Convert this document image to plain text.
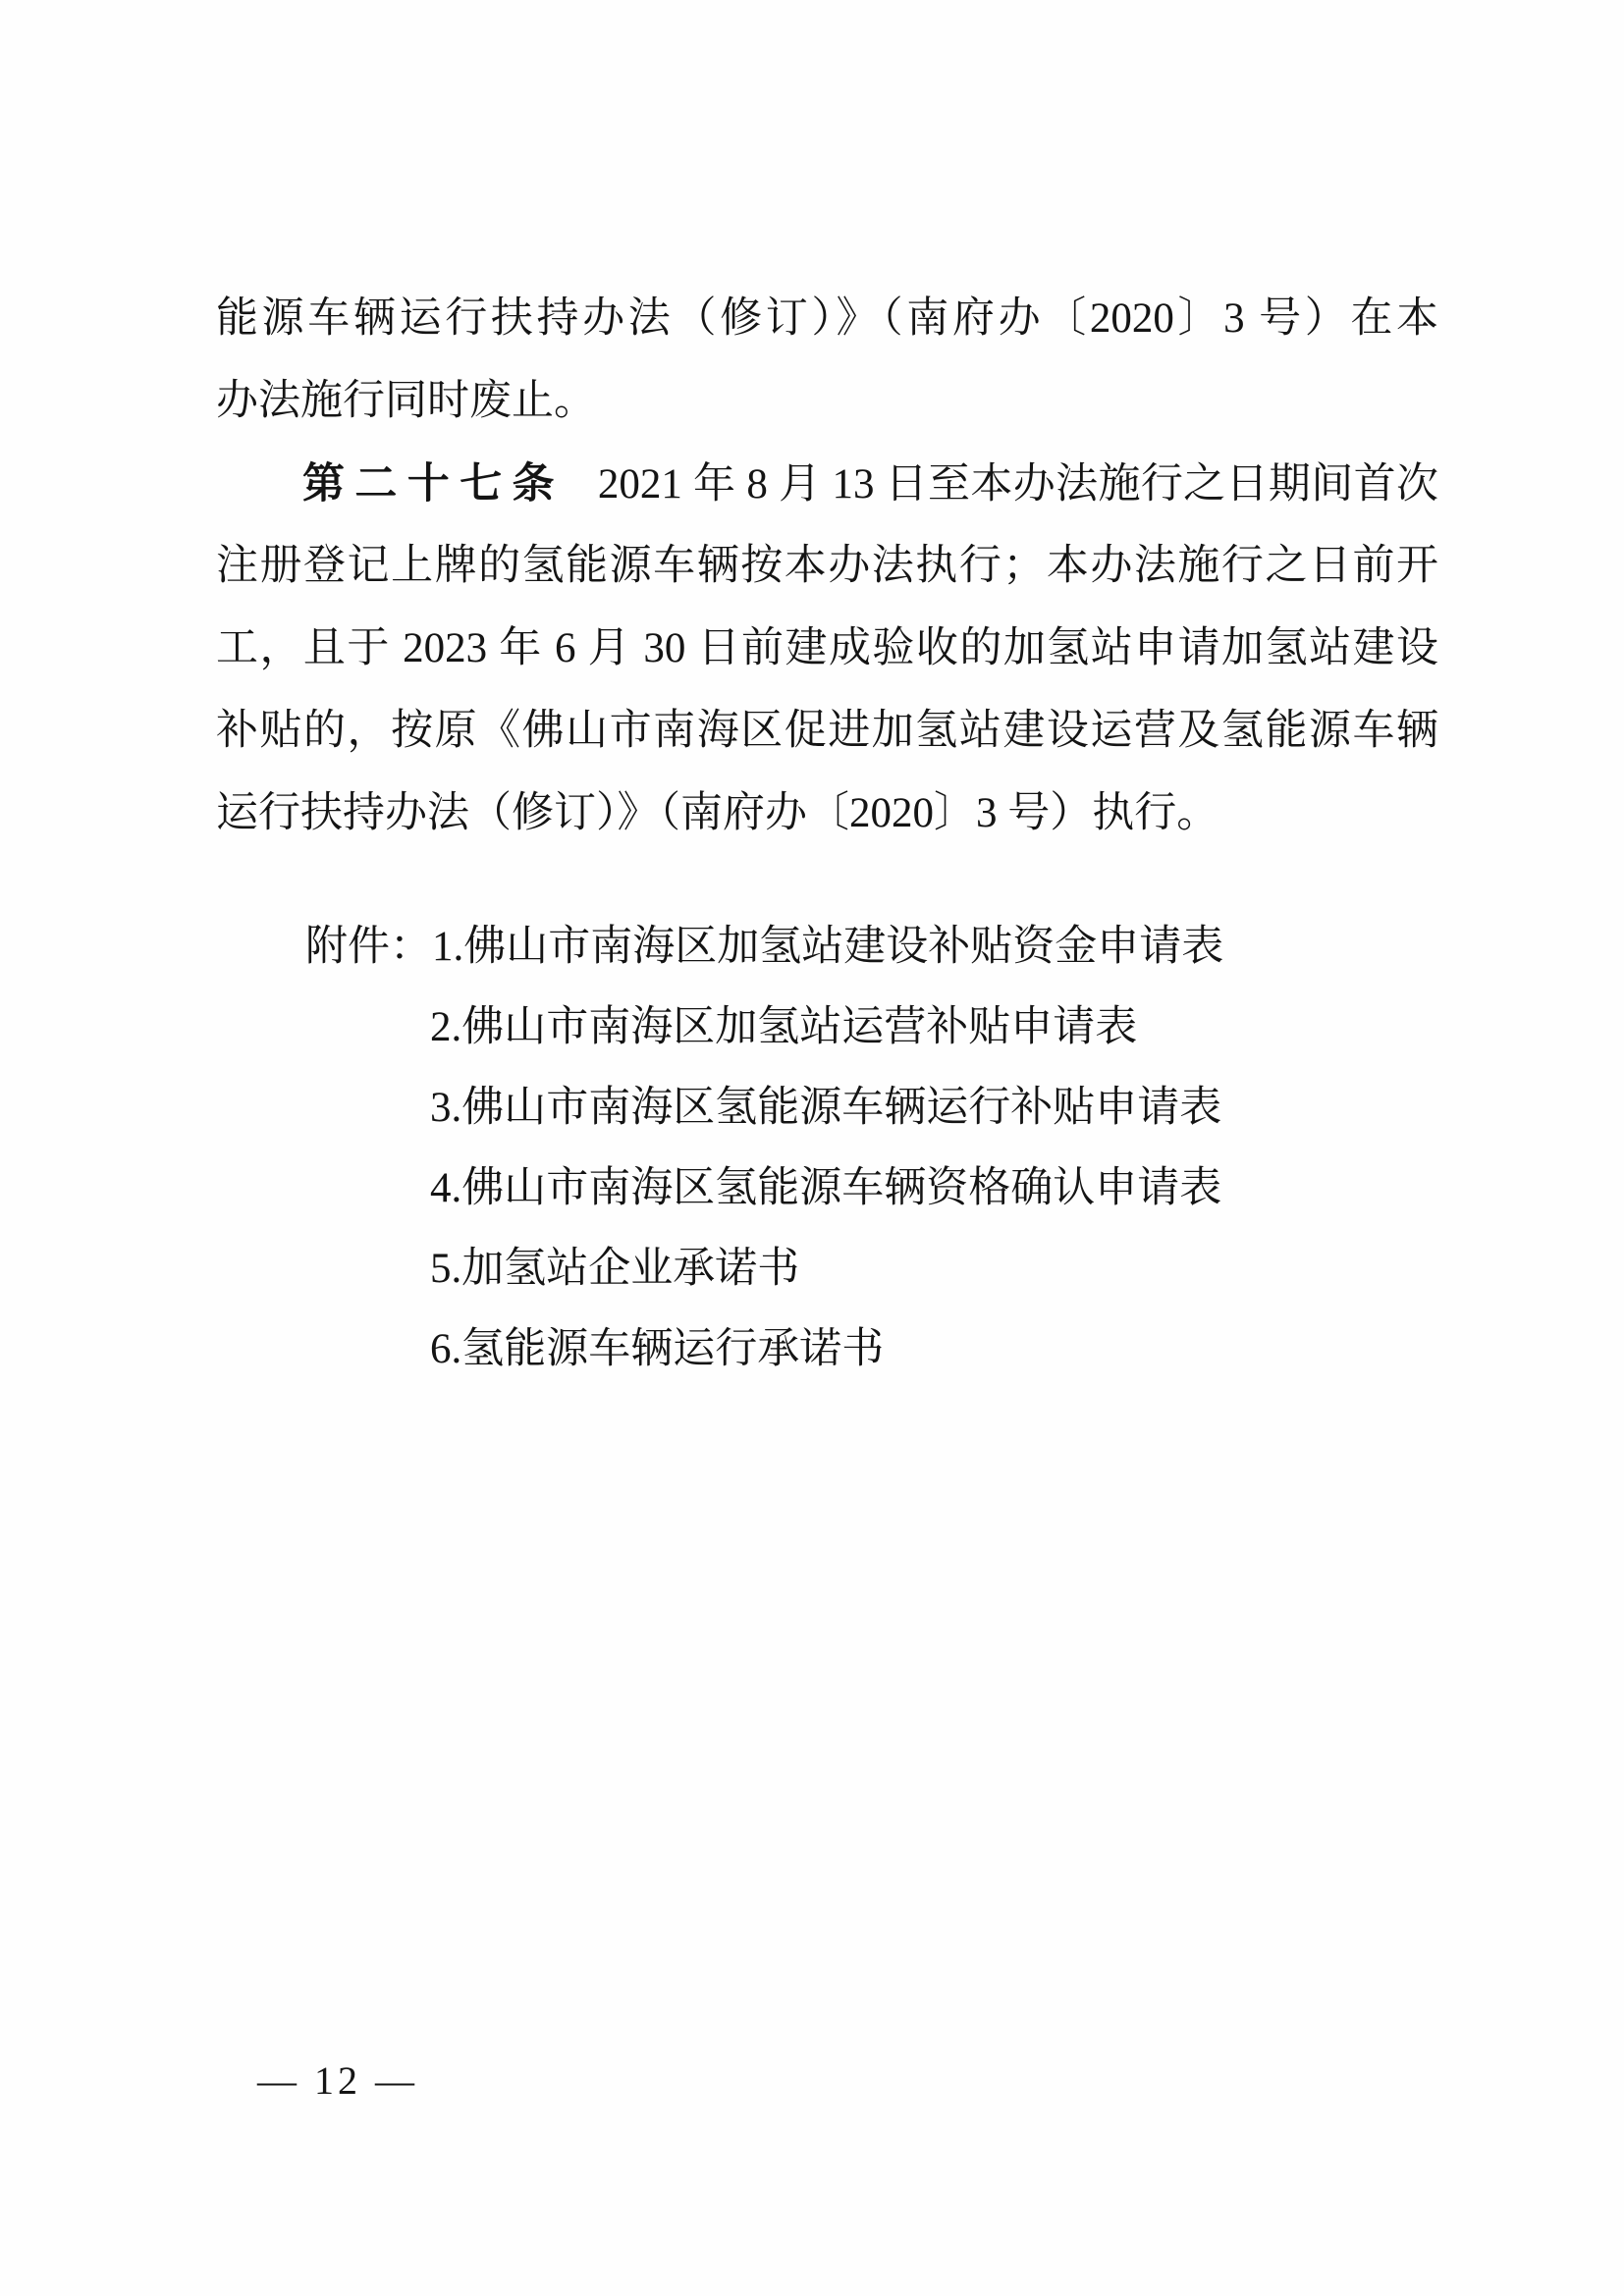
能源车辆运行扶持办法（修订）》（南府办〔2020〕3 号）在本
办法施行同时废止。
第二十七条 2021 年 8 月 13 日至本办法施行之日期间首次
注册登记上牌的氢能源车辆按本办法执行；本办法施行之日前开
工，且于 2023 年 6 月 30 日前建成验收的加氢站申请加氢站建设
补贴的，按原《佛山市南海区促进加氢站建设运营及氢能源车辆
运行扶持办法（修订）》（南府办〔2020〕3 号）执行。
附件：1.佛山市南海区加氢站建设补贴资金申请表
2.佛山市南海区加氢站运营补贴申请表
3.佛山市南海区氢能源车辆运行补贴申请表
4.佛山市南海区氢能源车辆资格确认申请表
5.加氢站企业承诺书
6.氢能源车辆运行承诺书
— 12 —
